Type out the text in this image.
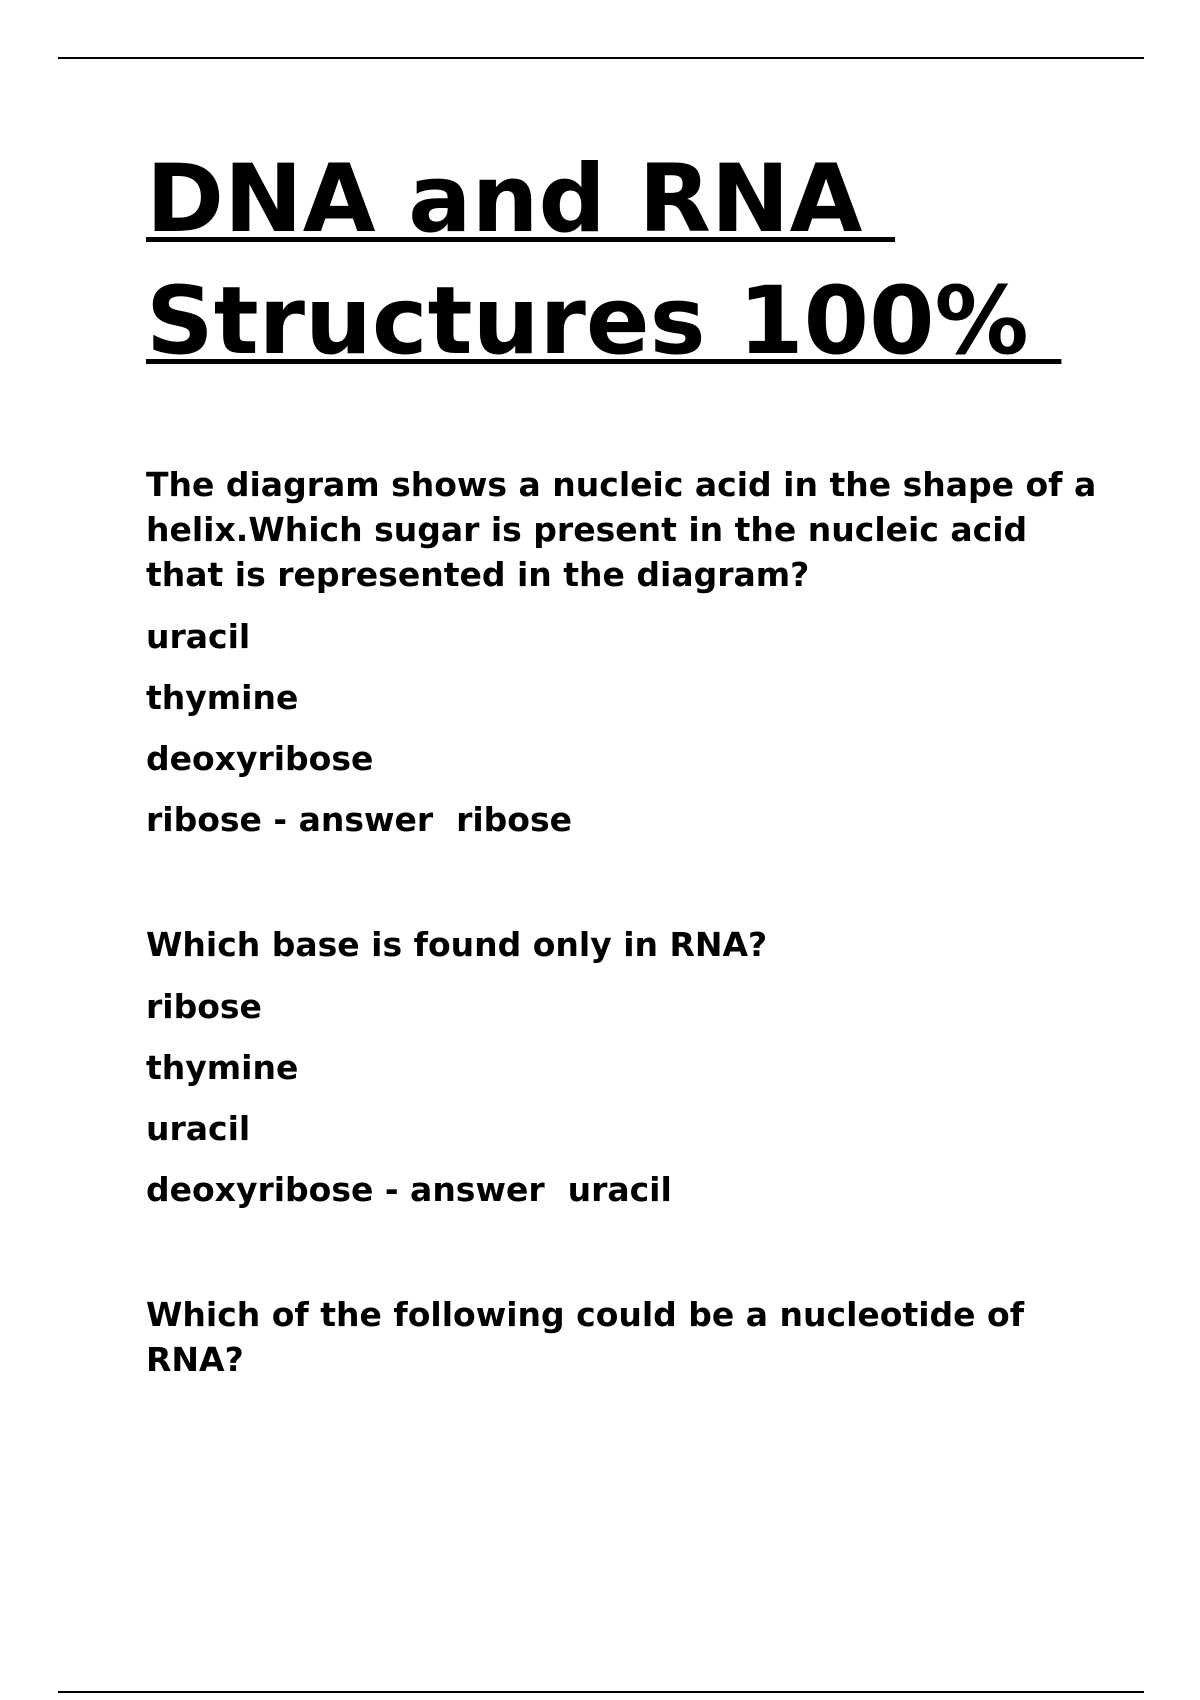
DNA and RNA
Structures 100%

The diagram shows a nucleic acid in the shape of a helix.Which sugar is present in the nucleic acid that is represented in the diagram?

uracil
thymine
deoxyribose
ribose - answer  ribose

Which base is found only in RNA?

ribose
thymine
uracil
deoxyribose - answer  uracil

Which of the following could be a nucleotide of RNA?
